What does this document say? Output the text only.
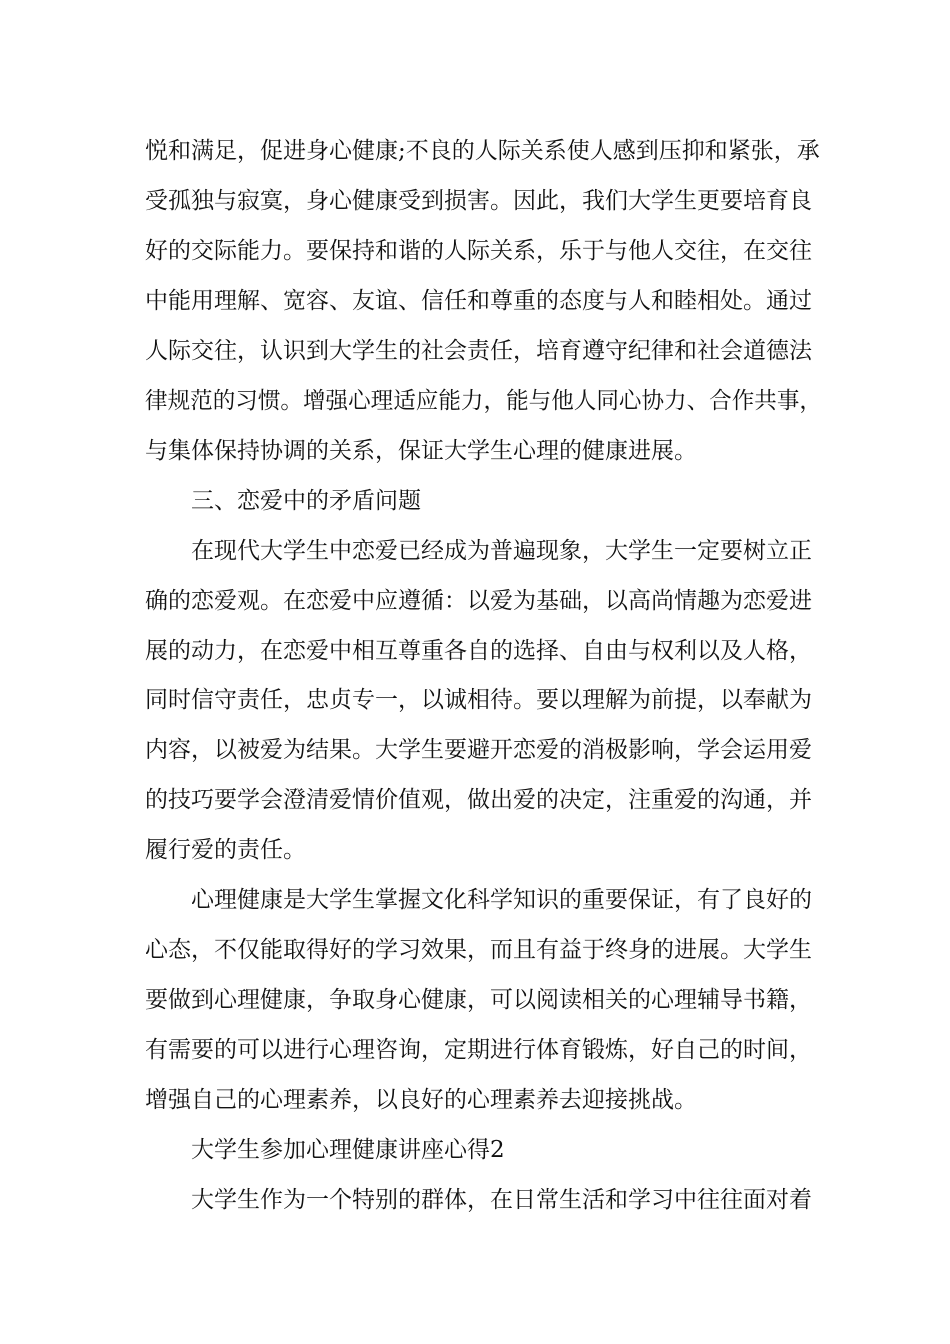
悦和满足，促进身心健康;不良的人际关系使人感到压抑和紧张，承
受孤独与寂寞，身心健康受到损害。因此，我们大学生更要培育良
好的交际能力。要保持和谐的人际关系，乐于与他人交往，在交往
中能用理解、宽容、友谊、信任和尊重的态度与人和睦相处。通过
人际交往，认识到大学生的社会责任，培育遵守纪律和社会道德法
律规范的习惯。增强心理适应能力，能与他人同心协力、合作共事，
与集体保持协调的关系，保证大学生心理的健康进展。
三、恋爱中的矛盾问题
在现代大学生中恋爱已经成为普遍现象，大学生一定要树立正
确的恋爱观。在恋爱中应遵循：以爱为基础，以高尚情趣为恋爱进
展的动力，在恋爱中相互尊重各自的选择、自由与权利以及人格，
同时信守责任，忠贞专一，以诚相待。要以理解为前提，以奉献为
内容，以被爱为结果。大学生要避开恋爱的消极影响，学会运用爱
的技巧要学会澄清爱情价值观，做出爱的决定，注重爱的沟通，并
履行爱的责任。
心理健康是大学生掌握文化科学知识的重要保证，有了良好的
心态，不仅能取得好的学习效果，而且有益于终身的进展。大学生
要做到心理健康，争取身心健康，可以阅读相关的心理辅导书籍，
有需要的可以进行心理咨询，定期进行体育锻炼，好自己的时间，
增强自己的心理素养，以良好的心理素养去迎接挑战。
大学生参加心理健康讲座心得2
大学生作为一个特别的群体，在日常生活和学习中往往面对着
